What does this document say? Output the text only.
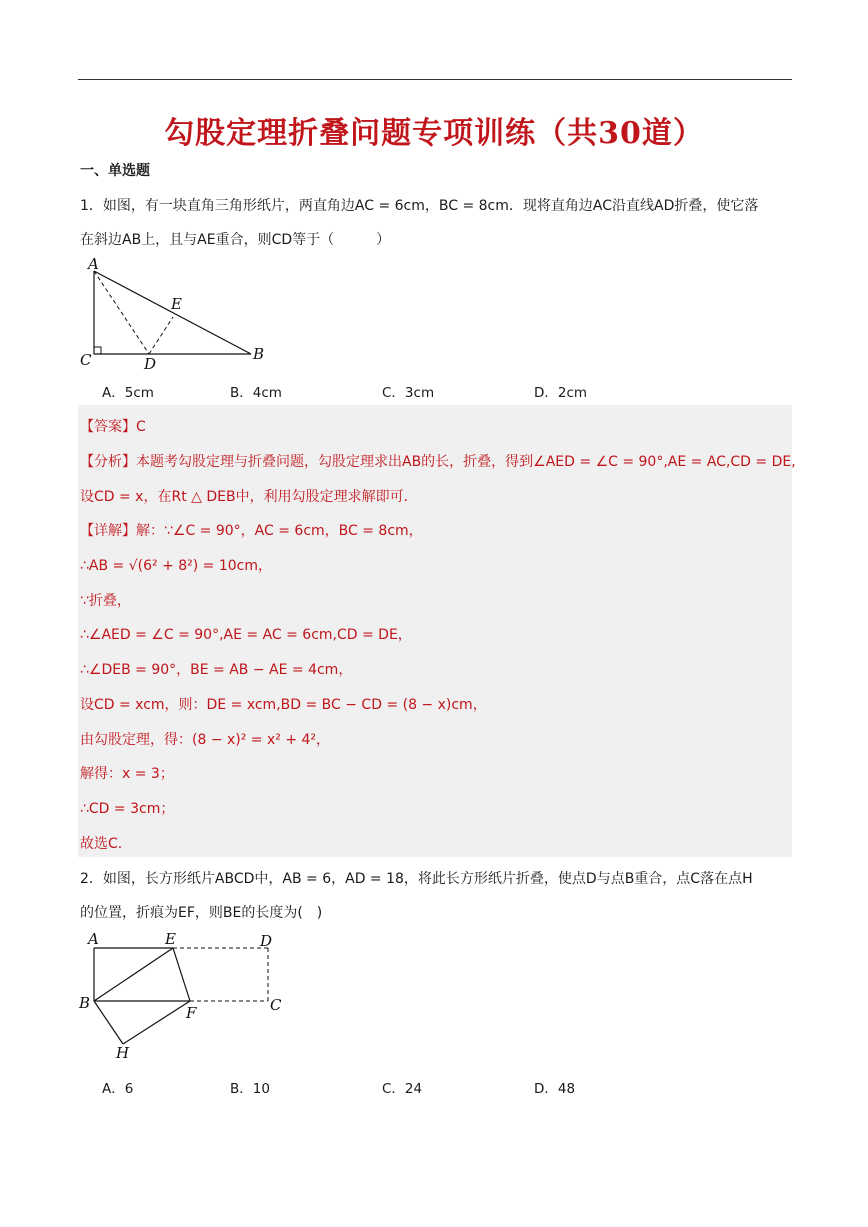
勾股定理折叠问题专项训练（共30道）
一、单选题
1．如图，有一块直角三角形纸片，两直角边AC = 6cm，BC = 8cm．现将直角边AC沿直线AD折叠，使它落
在斜边AB上，且与AE重合，则CD等于（　　　）
A
C	D
E
B
A．5cm	B．4cm	C．3cm	D．2cm
【答案】C
【分析】本题考勾股定理与折叠问题，勾股定理求出AB的长，折叠，得到∠AED = ∠C = 90°,AE = AC,CD = DE,
设CD = x，在Rt △ DEB中，利用勾股定理求解即可．
【详解】解：∵∠C = 90°，AC = 6cm，BC = 8cm，
∴AB = √(6² + 8²) = 10cm，
∵折叠，
∴∠AED = ∠C = 90°,AE = AC = 6cm,CD = DE，
∴∠DEB = 90°，BE = AB − AE = 4cm，
设CD = xcm，则：DE = xcm,BD = BC − CD = (8 − x)cm，
由勾股定理，得：(8 − x)² = x² + 4²，
解得：x = 3；
∴CD = 3cm；
故选C.
2．如图，长方形纸片ABCD中，AB = 6，AD = 18，将此长方形纸片折叠，使点D与点B重合，点C落在点H
的位置，折痕为EF，则BE的长度为(　)
A	E	D
B
F	C
H
A．6	B．10	C．24	D．48
